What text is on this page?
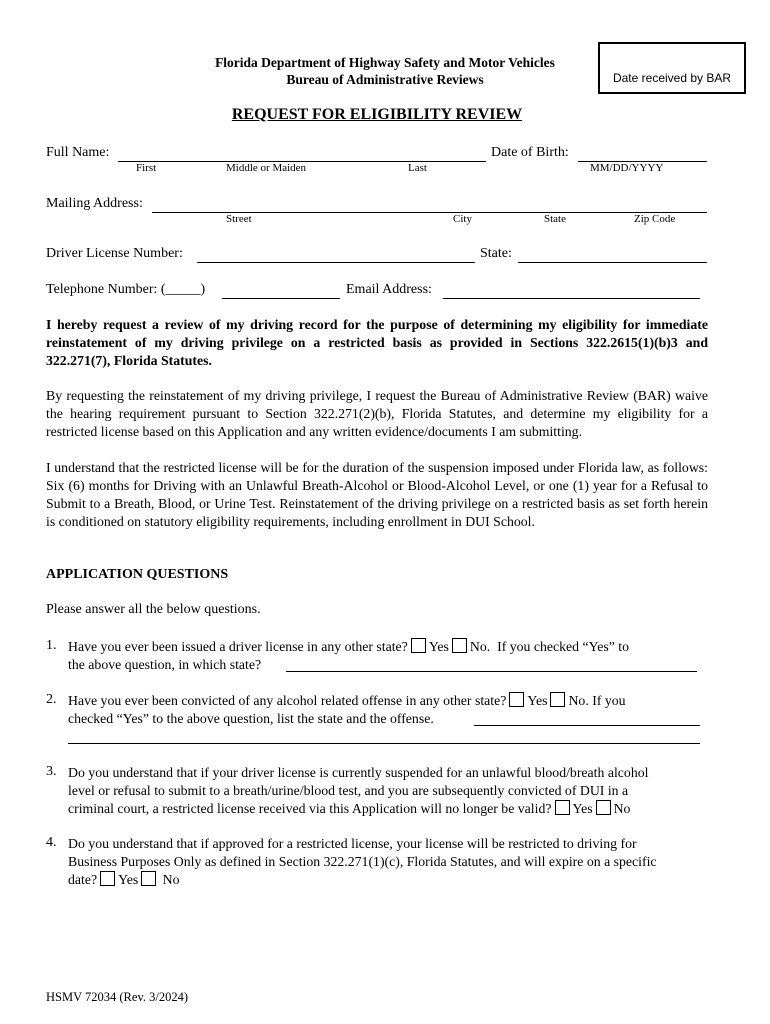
Florida Department of Highway Safety and Motor Vehicles
Bureau of Administrative Reviews	Date received by BAR
REQUEST FOR ELIGIBILITY REVIEW
Full Name:	Date of Birth:
First	Middle or Maiden	Last	MM/DD/YYYY
Mailing Address:
Street	City	State	Zip Code
Driver License Number:	State:
Telephone Number: (_____)	Email Address:
I hereby request a review of my driving record for the purpose of determining my eligibility for immediate reinstatement of my driving privilege on a restricted basis as provided in Sections 322.2615(1)(b)3 and 322.271(7), Florida Statutes.
By requesting the reinstatement of my driving privilege, I request the Bureau of Administrative Review (BAR) waive the hearing requirement pursuant to Section 322.271(2)(b), Florida Statutes, and determine my eligibility for a restricted license based on this Application and any written evidence/documents I am submitting.
I understand that the restricted license will be for the duration of the suspension imposed under Florida law, as follows: Six (6) months for Driving with an Unlawful Breath-Alcohol or Blood-Alcohol Level, or one (1) year for a Refusal to Submit to a Breath, Blood, or Urine Test. Reinstatement of the driving privilege on a restricted basis as set forth herein is conditioned on statutory eligibility requirements, including enrollment in DUI School.
APPLICATION QUESTIONS
Please answer all the below questions.
1. Have you ever been issued a driver license in any other state? Yes No. If you checked “Yes” to
the above question, in which state?
2. Have you ever been convicted of any alcohol related offense in any other state? Yes No. If you
checked “Yes” to the above question, list the state and the offense.
3. Do you understand that if your driver license is currently suspended for an unlawful blood/breath alcohol
level or refusal to submit to a breath/urine/blood test, and you are subsequently convicted of DUI in a
criminal court, a restricted license received via this Application will no longer be valid? Yes No
4. Do you understand that if approved for a restricted license, your license will be restricted to driving for
Business Purposes Only as defined in Section 322.271(1)(c), Florida Statutes, and will expire on a specific
date? Yes No
HSMV 72034 (Rev. 3/2024)
